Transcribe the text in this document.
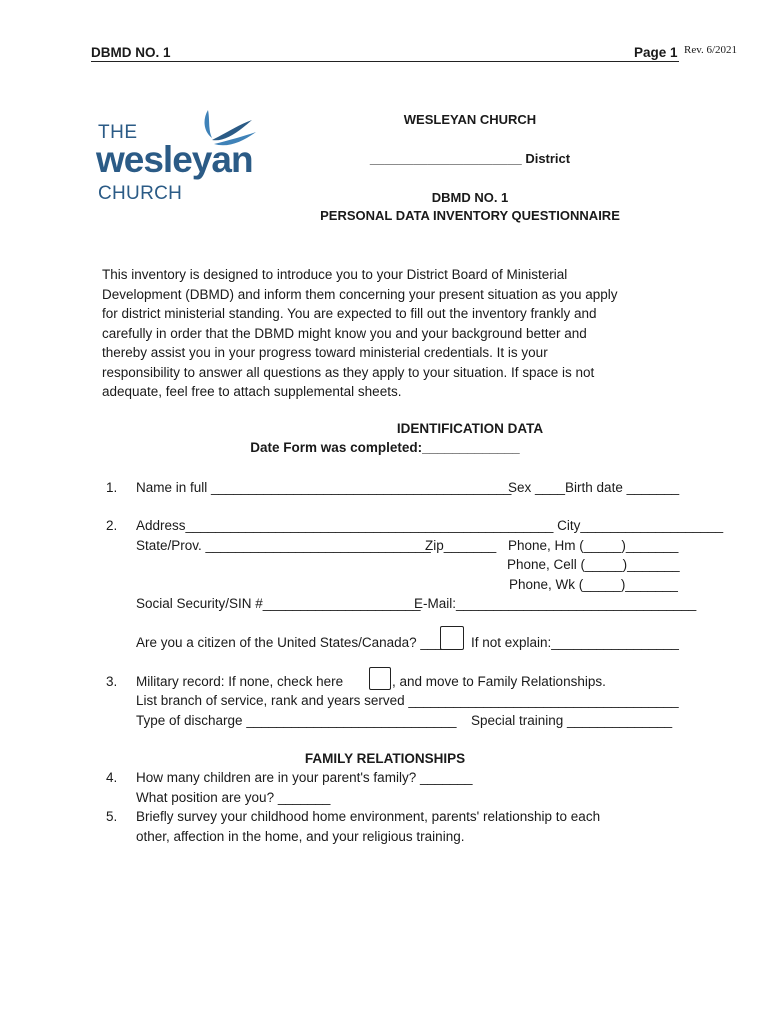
DBMD NO. 1	Page 1 Rev. 6/2021
THE
wesleyan
CHURCH
WESLEYAN CHURCH
_____________________ District
DBMD NO. 1
PERSONAL DATA INVENTORY QUESTIONNAIRE
This inventory is designed to introduce you to your District Board of Ministerial
Development (DBMD) and inform them concerning your present situation as you apply
for district ministerial standing. You are expected to fill out the inventory frankly and
carefully in order that the DBMD might know you and your background better and
thereby assist you in your progress toward ministerial credentials. It is your
responsibility to answer all questions as they apply to your situation. If space is not
adequate, feel free to attach supplemental sheets.
IDENTIFICATION DATA
Date Form was completed:_____________
1. Name in full ________________________________________
Sex ____Birth date _______
2. Address_________________________________________________ City___________________
State/Prov. ______________________________
Zip_______ Phone, Hm (_____)_______
Phone, Cell (_____)_______
Phone, Wk (_____)_______
Social Security/SIN #_____________________
E-Mail:________________________________
Are you a citizen of the United States/Canada? ____ If not explain:_________________
3. Military record: If none, check here	, and move to Family Relationships.
List branch of service, rank and years served ____________________________________
Type of discharge ____________________________ Special training ______________
FAMILY RELATIONSHIPS
4. How many children are in your parent's family? _______
What position are you? _______
5. Briefly survey your childhood home environment, parents' relationship to each
other, affection in the home, and your religious training.
